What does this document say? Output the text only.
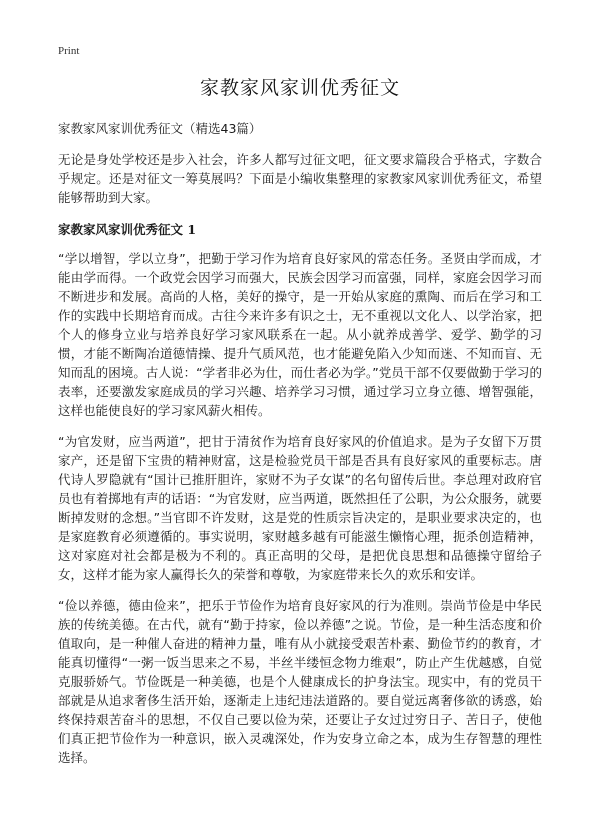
Print
家教家风家训优秀征文

家教家风家训优秀征文（精选43篇）

无论是身处学校还是步入社会，许多人都写过征文吧，征文要求篇段合乎格式，字数合乎规定。还是对征文一筹莫展吗？下面是小编收集整理的家教家风家训优秀征文，希望能够帮助到大家。

家教家风家训优秀征文 1

“学以增智，学以立身”，把勤于学习作为培育良好家风的常态任务。圣贤由学而成，才能由学而得。一个政党会因学习而强大，民族会因学习而富强，同样，家庭会因学习而不断进步和发展。高尚的人格，美好的操守，是一开始从家庭的熏陶、而后在学习和工作的实践中长期培育而成。古往今来许多有识之士，无不重视以文化人、以学治家，把个人的修身立业与培养良好学习家风联系在一起。从小就养成善学、爱学、勤学的习惯，才能不断陶冶道德情操、提升气质风范，也才能避免陷入少知而迷、不知而盲、无知而乱的困境。古人说：“学者非必为仕，而仕者必为学。”党员干部不仅要做勤于学习的表率，还要激发家庭成员的学习兴趣、培养学习习惯，通过学习立身立德、增智强能，这样也能使良好的学习家风薪火相传。

“为官发财，应当两道”，把甘于清贫作为培育良好家风的价值追求。是为子女留下万贯家产，还是留下宝贵的精神财富，这是检验党员干部是否具有良好家风的重要标志。唐代诗人罗隐就有“国计已推肝胆许，家财不为子女谋”的名句留传后世。李总理对政府官员也有着掷地有声的话语：“为官发财，应当两道，既然担任了公职，为公众服务，就要断掉发财的念想。”当官即不许发财，这是党的性质宗旨决定的，是职业要求决定的，也是家庭教育必须遵循的。事实说明，家财越多越有可能滋生懒惰心理，扼杀创造精神，这对家庭对社会都是极为不利的。真正高明的父母，是把优良思想和品德操守留给子女，这样才能为家人赢得长久的荣誉和尊敬，为家庭带来长久的欢乐和安详。

“俭以养德，德由俭来”，把乐于节俭作为培育良好家风的行为准则。崇尚节俭是中华民族的传统美德。在古代，就有“勤于持家，俭以养德”之说。节俭，是一种生活态度和价值取向，是一种催人奋进的精神力量，唯有从小就接受艰苦朴素、勤俭节约的教育，才能真切懂得“一粥一饭当思来之不易，半丝半缕恒念物力维艰”，防止产生优越感，自觉克服骄娇气。节俭既是一种美德，也是个人健康成长的护身法宝。现实中，有的党员干部就是从追求奢侈生活开始，逐渐走上违纪违法道路的。要自觉远离奢侈欲的诱惑，始终保持艰苦奋斗的思想，不仅自己要以俭为荣，还要让子女过过穷日子、苦日子，使他们真正把节俭作为一种意识，嵌入灵魂深处，作为安身立命之本，成为生存智慧的理性选择。
